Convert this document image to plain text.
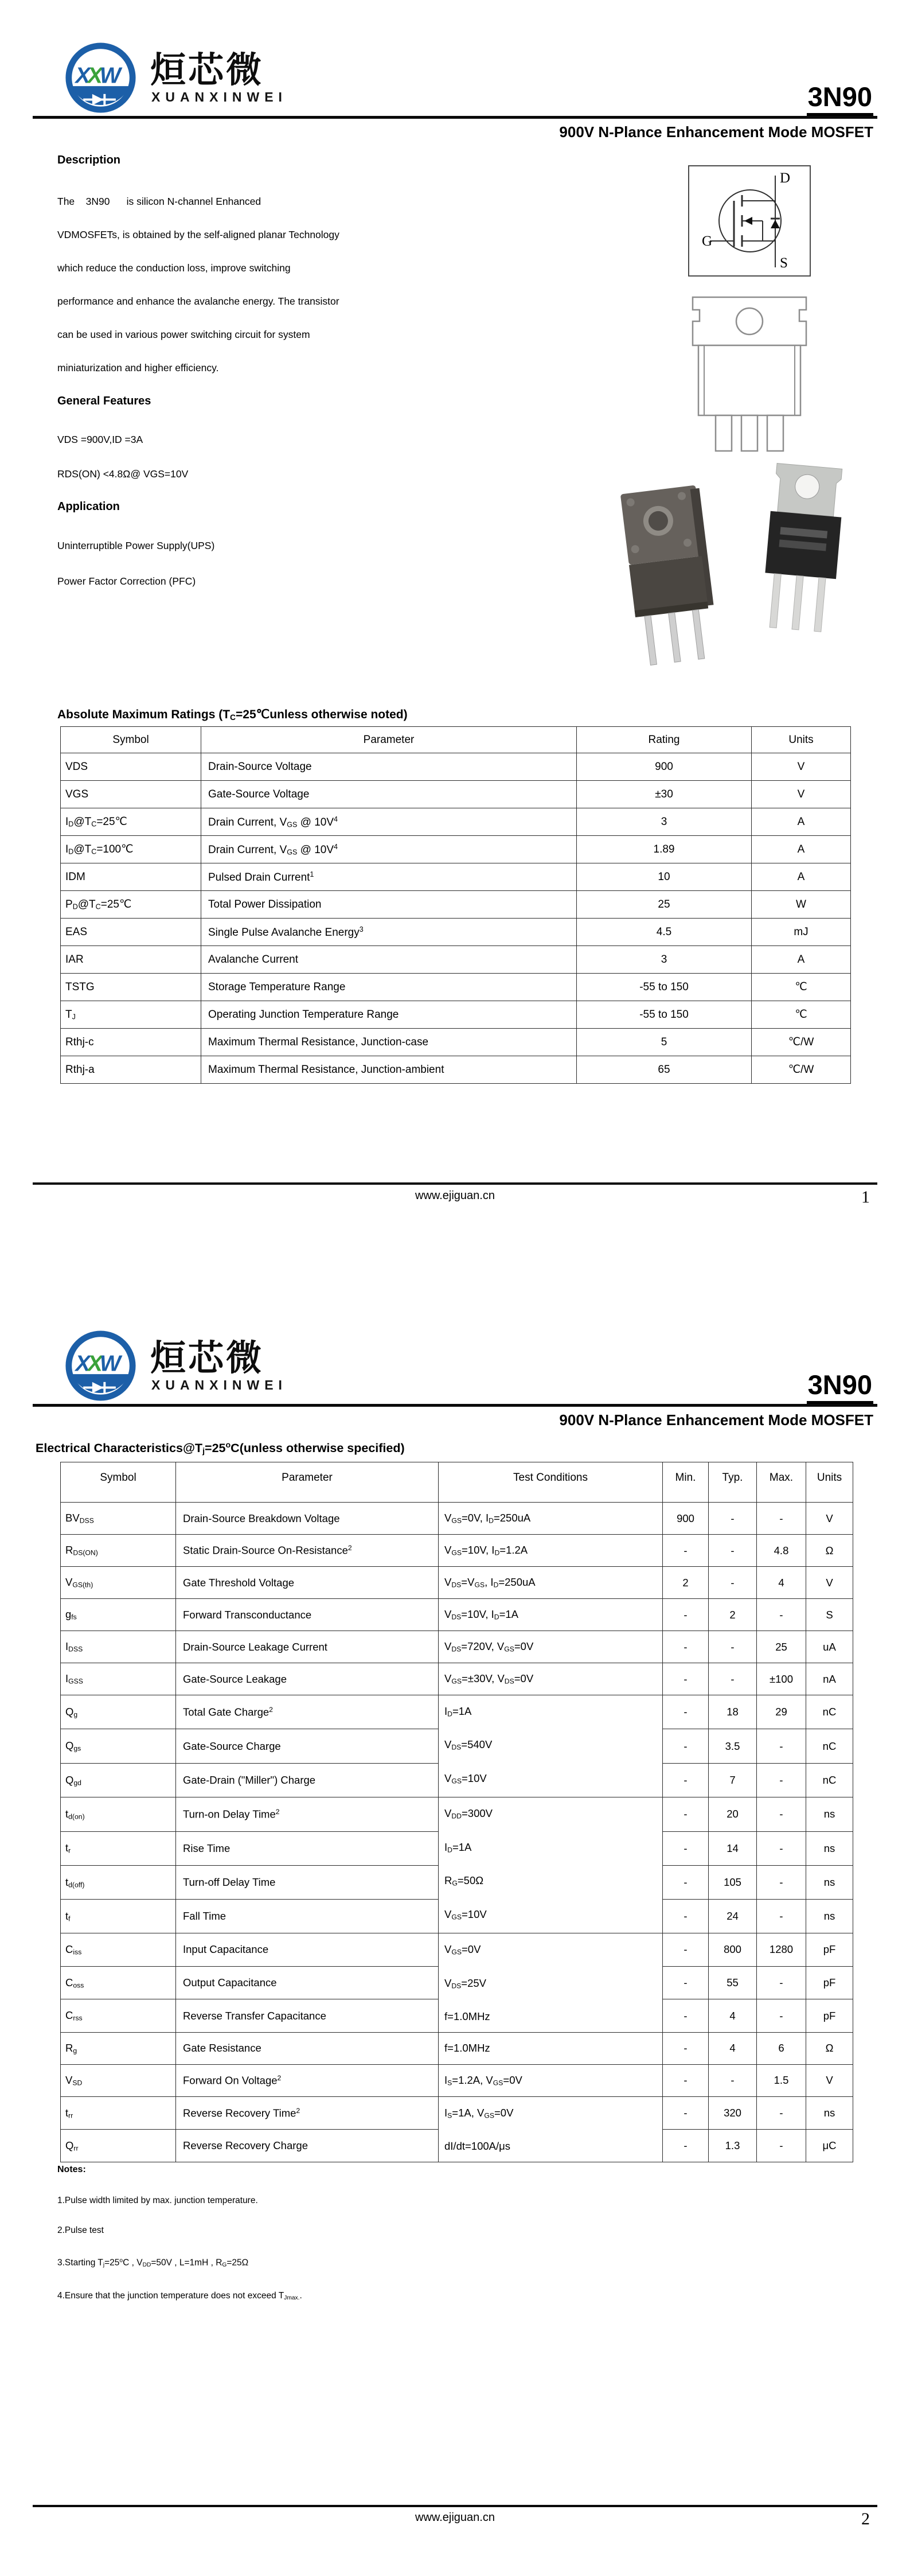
XXW 烜芯微
XUANXINWEI	3N90
900V N-Plance Enhancement Mode MOSFET
Description
The    3N90      is silicon N-channel Enhanced
VDMOSFETs, is obtained by the self-aligned planar Technology
which reduce the conduction loss, improve switching
performance and enhance the avalanche energy. The transistor
can be used in various power switching circuit for system
miniaturization and higher efficiency.
General Features
VDS =900V,ID =3A
RDS(ON) <4.8Ω@ VGS=10V
Application
Uninterruptible Power Supply(UPS)
Power Factor Correction (PFC)
D
S
G
Absolute Maximum Ratings ($T_C=25℃unless$ otherwise noted)
Symbol	Parameter	Rating	Units
VDS	Drain-Source Voltage	900	V
VGS	Gate-Source Voltage	±30	V
$I_D@T_C=25℃$	Drain Current, $V_{GS}$ @ $10V^4$	3	A
$I_D@T_C=100℃$	Drain Current, $V_{GS}$ @ $10V^4$	1.89	A
IDM	Pulsed Drain Current$^1$	10	A
$P_D@T_C=25℃$	Total Power Dissipation	25	W
EAS	Single Pulse Avalanche Energy$^3$	4.5	mJ
IAR	Avalanche Current	3	A
TSTG	Storage Temperature Range	-55 to 150	℃
$T_J$	Operating Junction Temperature Range	-55 to 150	℃
Rthj-c	Maximum Thermal Resistance, Junction-case	5	℃/W
Rthj-a	Maximum Thermal Resistance, Junction-ambient	65	℃/W
www.ejiguan.cn	1
XXW 烜芯微
XUANXINWEI	3N90
900V N-Plance Enhancement Mode MOSFET
Electrical $Characteristics@T_j=25^oC(unless$ otherwise specified)
Symbol	Parameter	Test Conditions	Min.	Typ.	Max.	Units
$BV_{DSS}$	Drain-Source Breakdown Voltage	$V_{GS}=0V$, $I_D=250uA$	900	-	-	V
$R_{DS(ON)}$	Static Drain-Source On-Resistance$^2$	$V_{GS}=10V$, $I_D=1.2A$	-	-	4.8	Ω
$V_{GS(th)}$	Gate Threshold Voltage	$V_{DS}=V_{GS}$, $I_D=250uA$	2	-	4	V
$g_{fs}$	Forward Transconductance	$V_{DS}=10V$, $I_D=1A$	-	2	-	S
$I_{DSS}$	Drain-Source Leakage Current	$V_{DS}=720V$, $V_{GS}=0V$	-	-	25	uA
$I_{GSS}$	Gate-Source Leakage	$V_{GS}=\pm 30V$, $V_{DS}=0V$	-	-	±100	nA
$Q_g$	Total Gate Charge$^2$	$I_D=1A$
$V_{DS}=540V$
$V_{GS}=10V$	-	18	29	nC
$Q_{gs}$	Gate-Source Charge		-	3.5	-	nC
$Q_{gd}$	Gate-Drain ("Miller") Charge		-	7	-	nC
$t_{d(on)}$	Turn-on Delay Time$^2$	$V_{DD}=300V$
$I_D=1A$
$R_G=50\Omega$
$V_{GS}=10V$	-	20	-	ns
$t_r$	Rise Time		-	14	-	ns
$t_{d(off)}$	Turn-off Delay Time		-	105	-	ns
$t_f$	Fall Time		-	24	-	ns
$C_{iss}$	Input Capacitance	$V_{GS}=0V$
$V_{DS}=25V$
f=1.0MHz	-	800	1280	pF
$C_{oss}$	Output Capacitance		-	55	-	pF
$C_{rss}$	Reverse Transfer Capacitance		-	4	-	pF
$R_g$	Gate Resistance	f=1.0MHz	-	4	6	Ω
$V_{SD}$	Forward On Voltage$^2$	$I_S=1.2A$, $V_{GS}=0V$	-	-	1.5	V
$t_{rr}$	Reverse Recovery Time$^2$	$I_S=1A$, $V_{GS}=0V$
dI/dt=100A/μs	-	320	-	ns
$Q_{rr}$	Reverse Recovery Charge		-	1.3	-	μC
Notes:
1.Pulse width limited by max. junction temperature.
2.Pulse test
3.Starting $T_j=25^oC$ , $V_{DD}=50V$ , L=1mH , $R_G=25\Omega$
4.Ensure that the junction temperature does not exceed $T_{Jmax.}$.
www.ejiguan.cn	2
